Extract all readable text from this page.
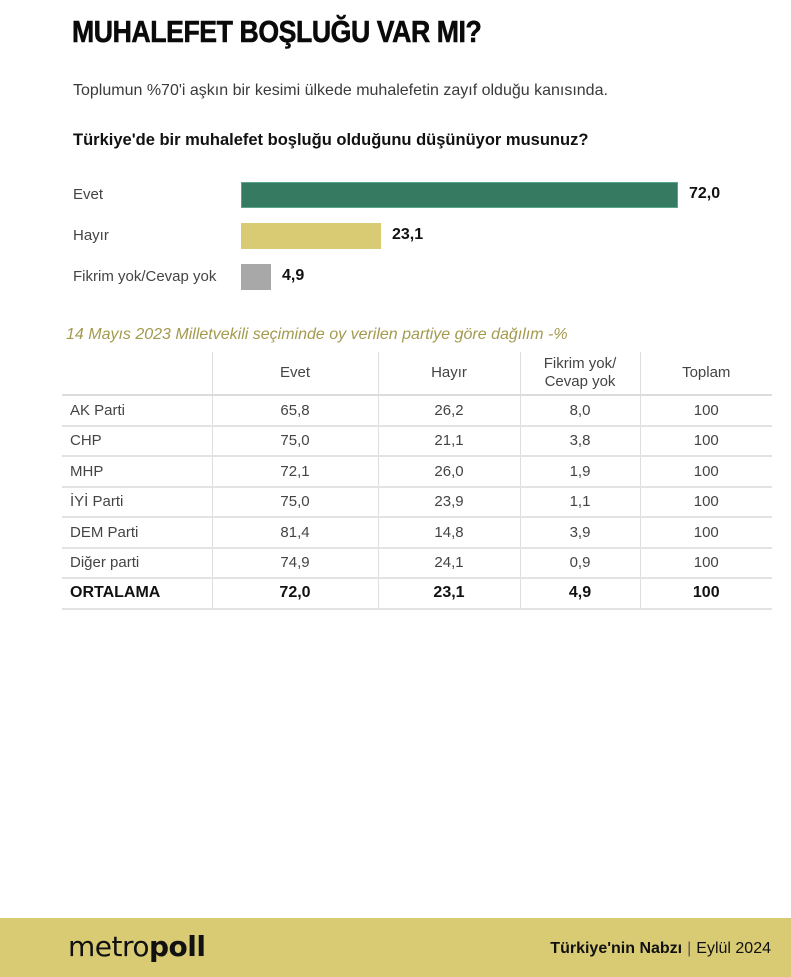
MUHALEFET BOŞLUĞU VAR MI?
Toplumun %70'i aşkın bir kesimi ülkede muhalefetin zayıf olduğu kanısında.
Türkiye'de bir muhalefet boşluğu olduğunu düşünüyor musunuz?
Evet	72,0
Hayır	23,1
Fikrim yok/Cevap yok	4,9
14 Mayıs 2023 Milletvekili seçiminde oy verilen partiye göre dağılım -%
	Evet	Hayır	Fikrim yok/
Cevap yok	Toplam
AK Parti	65,8	26,2	8,0	100
CHP	75,0	21,1	3,8	100
MHP	72,1	26,0	1,9	100
İYİ Parti	75,0	23,9	1,1	100
DEM Parti	81,4	14,8	3,9	100
Diğer parti	74,9	24,1	0,9	100
ORTALAMA	72,0	23,1	4,9	100
metropoll	Türkiye'nin Nabzı | Eylül 2024
